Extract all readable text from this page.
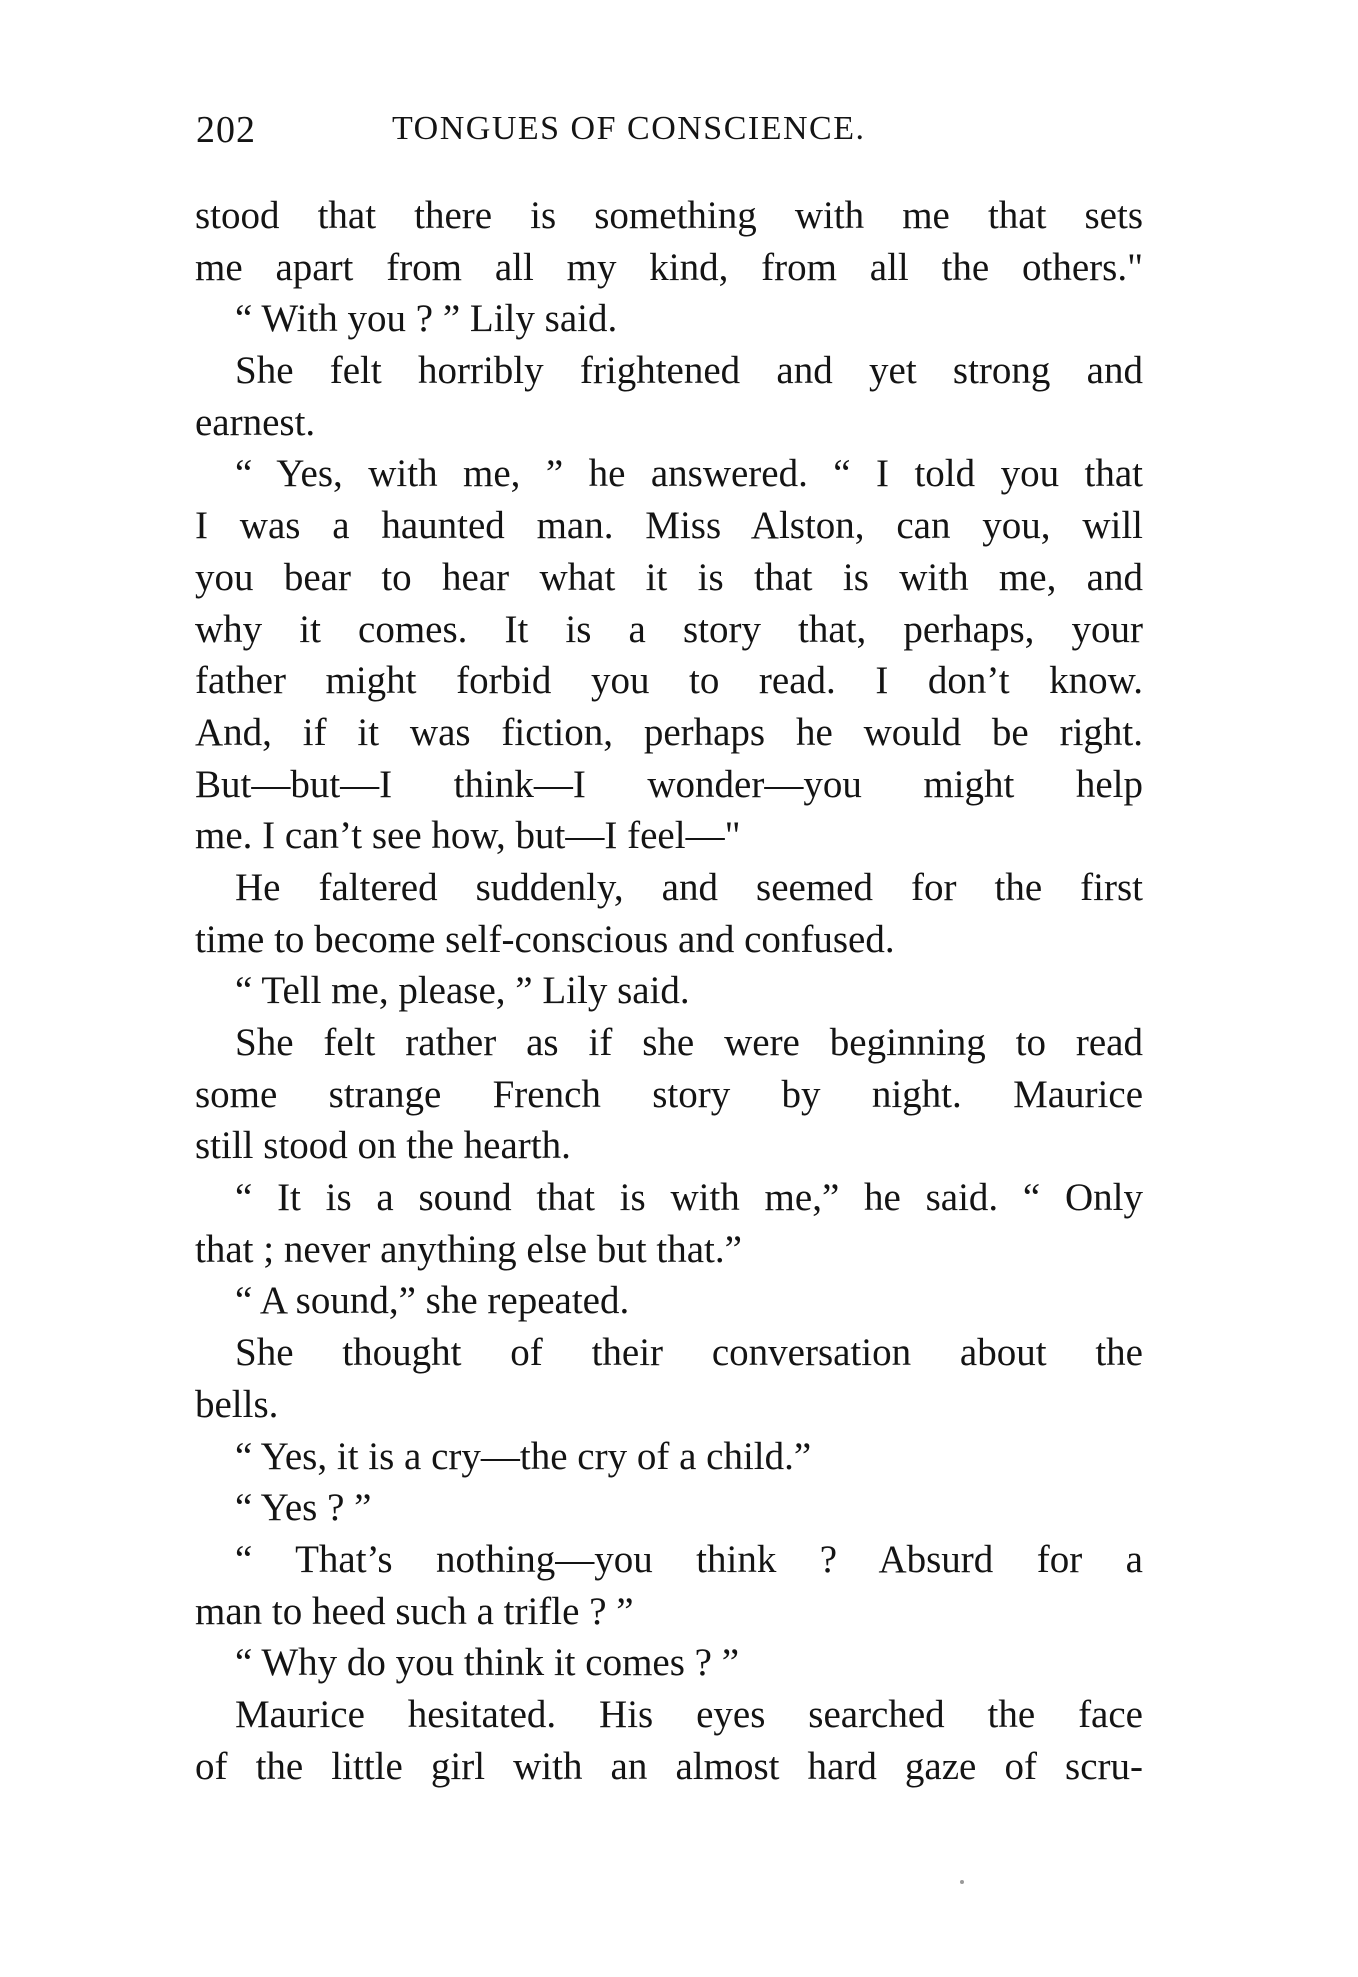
202	TONGUES OF CONSCIENCE.
stood that there is something with me that sets
me apart from all my kind, from all the others."
“ With you ? ” Lily said.
She felt horribly frightened and yet strong and
earnest.
“ Yes, with me, ” he answered. “ I told you that
I was a haunted man. Miss Alston, can you, will
you bear to hear what it is that is with me, and
why it comes. It is a story that, perhaps, your
father might forbid you to read. I don’t know.
And, if it was fiction, perhaps he would be right.
But—but—I think—I wonder—you might help
me. I can’t see how, but—I feel—"
He faltered suddenly, and seemed for the first
time to become self-conscious and confused.
“ Tell me, please, ” Lily said.
She felt rather as if she were beginning to read
some strange French story by night. Maurice
still stood on the hearth.
“ It is a sound that is with me,” he said. “ Only
that ; never anything else but that.”
“ A sound,” she repeated.
She thought of their conversation about the
bells.
“ Yes, it is a cry—the cry of a child.”
“ Yes ? ”
“ That’s nothing—you think ? Absurd for a
man to heed such a trifle ? ”
“ Why do you think it comes ? ”
Maurice hesitated. His eyes searched the face
of the little girl with an almost hard gaze of scru-
